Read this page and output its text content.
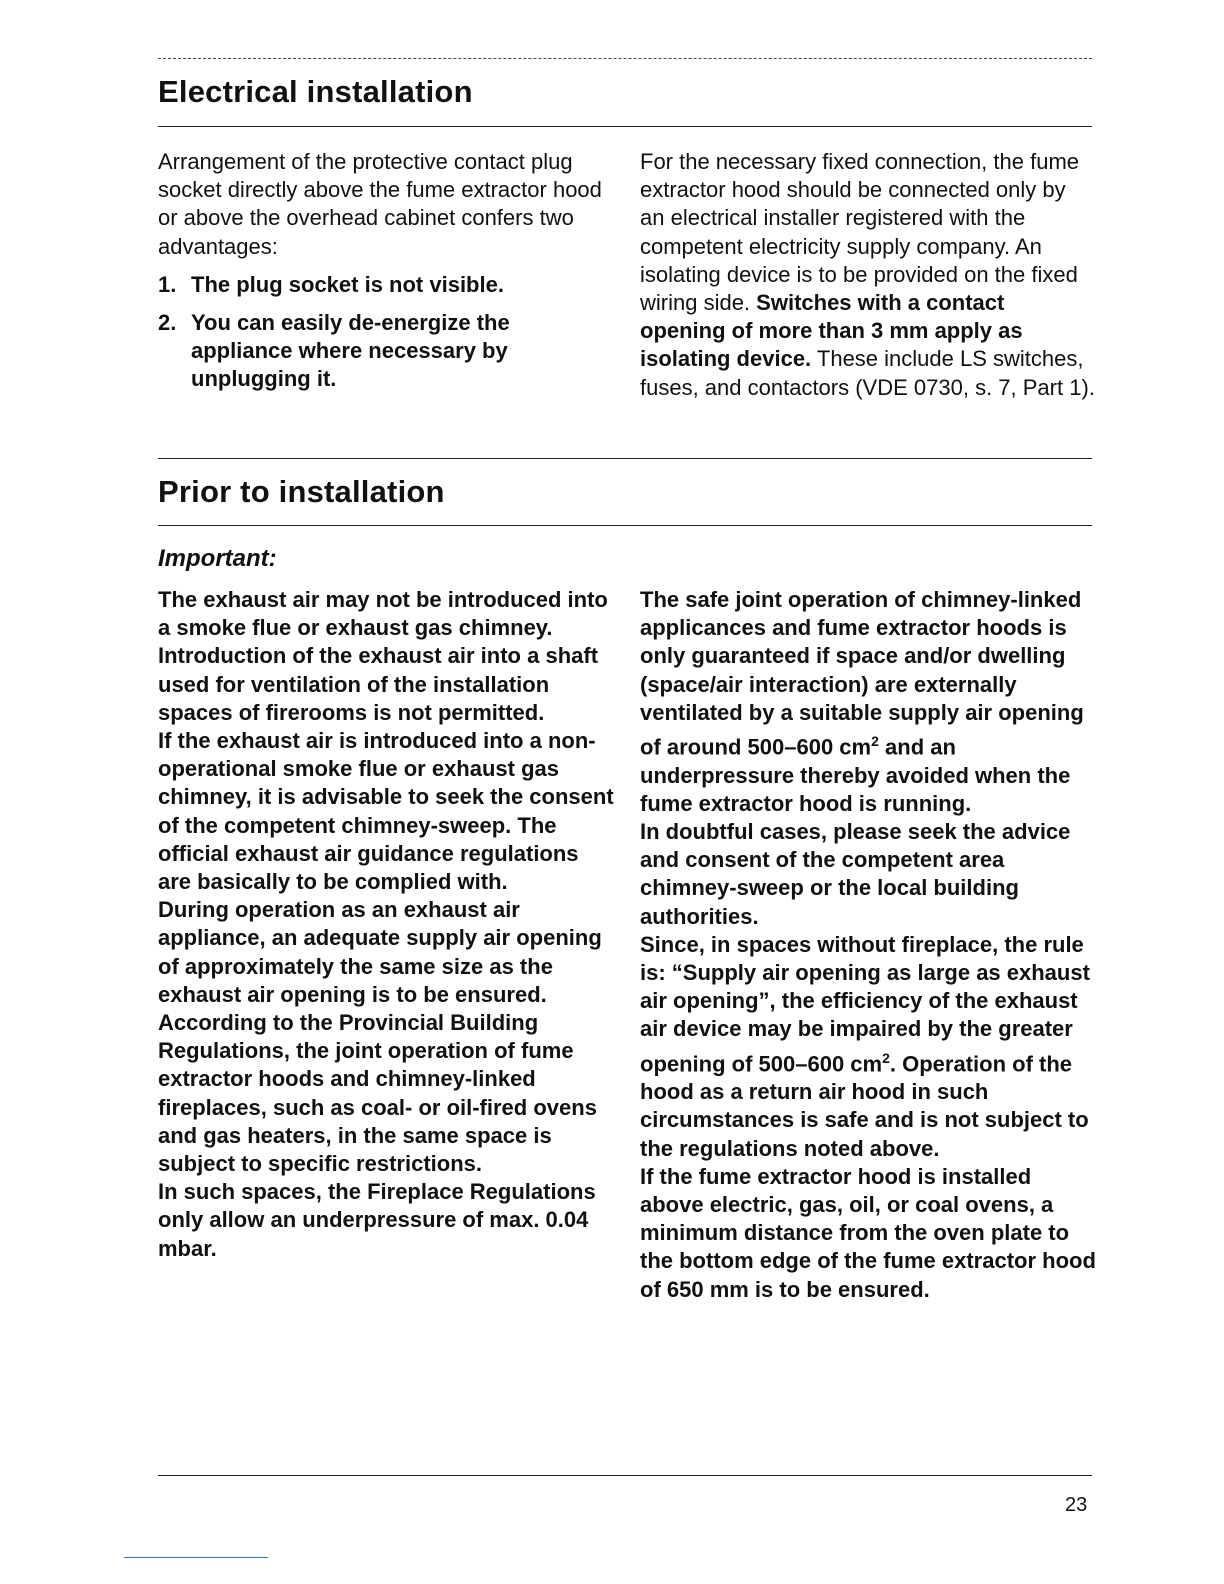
Electrical installation

Arrangement of the protective contact plug socket directly above the fume extractor hood or above the overhead cabinet confers two advantages:

1. The plug socket is not visible.
2. You can easily de-energize the appliance where necessary by unplugging it.

For the necessary fixed connection, the fume extractor hood should be connected only by an electrical installer registered with the competent electricity supply company. An isolating device is to be provided on the fixed wiring side. Switches with a contact opening of more than 3 mm apply as isolating device. These include LS switches, fuses, and contactors (VDE 0730, s. 7, Part 1).

Prior to installation

Important:

The exhaust air may not be introduced into a smoke flue or exhaust gas chimney. Introduction of the exhaust air into a shaft used for ventilation of the installation spaces of firerooms is not permitted.

If the exhaust air is introduced into a non-operational smoke flue or exhaust gas chimney, it is advisable to seek the consent of the competent chimney-sweep. The official exhaust air guidance regulations are basically to be complied with.

During operation as an exhaust air appliance, an adequate supply air opening of approximately the same size as the exhaust air opening is to be ensured. According to the Provincial Building Regulations, the joint operation of fume extractor hoods and chimney-linked fireplaces, such as coal- or oil-fired ovens and gas heaters, in the same space is subject to specific restrictions.

In such spaces, the Fireplace Regulations only allow an underpressure of max. 0.04 mbar.

The safe joint operation of chimney-linked applicances and fume extractor hoods is only guaranteed if space and/or dwelling (space/air interaction) are externally ventilated by a suitable supply air opening of around 500–600 $cm^2$ and an underpressure thereby avoided when the fume extractor hood is running.

In doubtful cases, please seek the advice and consent of the competent area chimney-sweep or the local building authorities.

Since, in spaces without fireplace, the rule is: “Supply air opening as large as exhaust air opening”, the efficiency of the exhaust air device may be impaired by the greater opening of 500–600 $cm^2$. Operation of the hood as a return air hood in such circumstances is safe and is not subject to the regulations noted above.

If the fume extractor hood is installed above electric, gas, oil, or coal ovens, a minimum distance from the oven plate to the bottom edge of the fume extractor hood of 650 mm is to be ensured.

23
